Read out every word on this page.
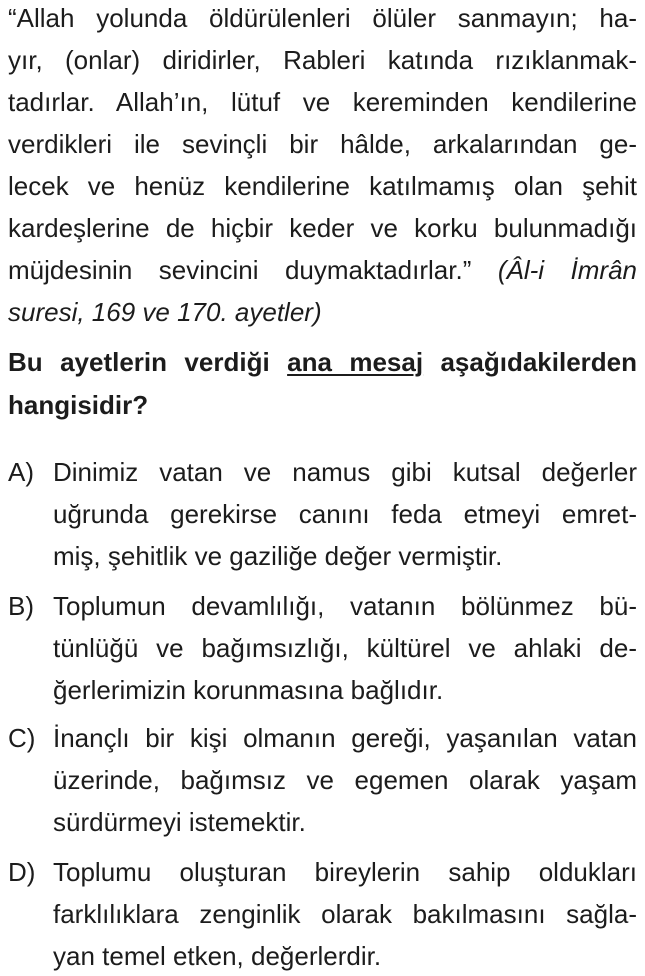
“Allah yolunda öldürülenleri ölüler sanmayın; ha-
yır, (onlar) diridirler, Rableri katında rızıklanmak-
tadırlar. Allah’ın, lütuf ve kereminden kendilerine
verdikleri ile sevinçli bir hâlde, arkalarından ge-
lecek ve henüz kendilerine katılmamış olan şehit
kardeşlerine de hiçbir keder ve korku bulunmadığı
müjdesinin sevincini duymaktadırlar.” (Âl-i İmrân
suresi, 169 ve 170. ayetler)
Bu ayetlerin verdiği ana mesaj aşağıdakilerden
hangisidir?
A) Dinimiz vatan ve namus gibi kutsal değerler
uğrunda gerekirse canını feda etmeyi emret-
miş, şehitlik ve gaziliğe değer vermiştir.
B) Toplumun devamlılığı, vatanın bölünmez bü-
tünlüğü ve bağımsızlığı, kültürel ve ahlaki de-
ğerlerimizin korunmasına bağlıdır.
C) İnançlı bir kişi olmanın gereği, yaşanılan vatan
üzerinde, bağımsız ve egemen olarak yaşam
sürdürmeyi istemektir.
D) Toplumu oluşturan bireylerin sahip oldukları
farklılıklara zenginlik olarak bakılmasını sağla-
yan temel etken, değerlerdir.
